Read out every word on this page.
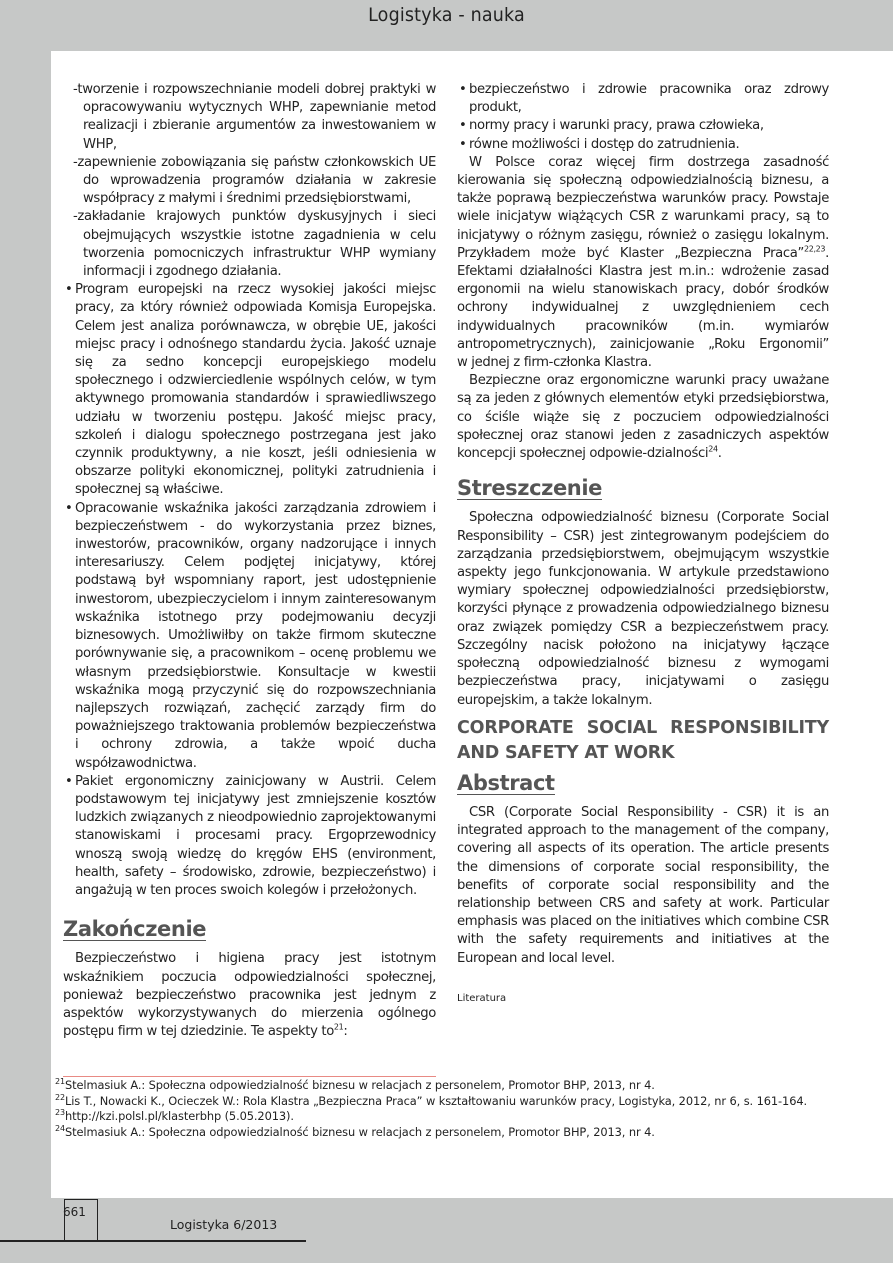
Logistyka - nauka

-tworzenie i rozpowszechnianie modeli dobrej praktyki w opracowywaniu wytycznych WHP, zapewnianie metod realizacji i zbieranie argumentów za inwestowaniem w WHP,

-zapewnienie zobowiązania się państw członkowskich UE do wprowadzenia programów działania w zakresie współpracy z małymi i średnimi przedsiębiorstwami,

-zakładanie krajowych punktów dyskusyjnych i sieci obejmujących wszystkie istotne zagadnienia w celu tworzenia pomocniczych infrastruktur WHP wymiany informacji i zgodnego działania.

• Program europejski na rzecz wysokiej jakości miejsc pracy, za który również odpowiada Komisja Europejska. Celem jest analiza porównawcza, w obrębie UE, jakości miejsc pracy i odnośnego standardu życia. Jakość uznaje się za sedno koncepcji europejskiego modelu społecznego i odzwierciedlenie wspólnych celów, w tym aktywnego promowania standardów i sprawiedliwszego udziału w tworzeniu postępu. Jakość miejsc pracy, szkoleń i dialogu społecznego postrzegana jest jako czynnik produktywny, a nie koszt, jeśli odniesienia w obszarze polityki ekonomicznej, polityki zatrudnienia i społecznej są właściwe.

• Opracowanie wskaźnika jakości zarządzania zdrowiem i bezpieczeństwem - do wykorzystania przez biznes, inwestorów, pracowników, organy nadzorujące i innych interesariuszy. Celem podjętej inicjatywy, której podstawą był wspomniany raport, jest udostępnienie inwestorom, ubezpieczycielom i innym zainteresowanym wskaźnika istotnego przy podejmowaniu decyzji biznesowych. Umożliwiłby on także firmom skuteczne porównywanie się, a pracownikom – ocenę problemu we własnym przedsiębiorstwie. Konsultacje w kwestii wskaźnika mogą przyczynić się do rozpowszechniania najlepszych rozwiązań, zachęcić zarządy firm do poważniejszego traktowania problemów bezpieczeństwa i ochrony zdrowia, a także wpoić ducha współzawodnictwa.

• Pakiet ergonomiczny zainicjowany w Austrii. Celem podstawowym tej inicjatywy jest zmniejszenie kosztów ludzkich związanych z nieodpowiednio zaprojektowanymi stanowiskami i procesami pracy. Ergoprzewodnicy wnoszą swoją wiedzę do kręgów EHS (environment, health, safety – środowisko, zdrowie, bezpieczeństwo) i angażują w ten proces swoich kolegów i przełożonych.

Zakończenie

Bezpieczeństwo i higiena pracy jest istotnym wskaźnikiem poczucia odpowiedzialności społecznej, ponieważ bezpieczeństwo pracownika jest jednym z aspektów wykorzystywanych do mierzenia ogólnego postępu firm w tej dziedzinie. Te aspekty $to^{21}$:

• bezpieczeństwo i zdrowie pracownika oraz zdrowy produkt,

• normy pracy i warunki pracy, prawa człowieka,

• równe możliwości i dostęp do zatrudnienia.

W Polsce coraz więcej firm dostrzega zasadność kierowania się społeczną odpowiedzialnością biznesu, a także poprawą bezpieczeństwa warunków pracy. Powstaje wiele inicjatyw wiążących CSR z warunkami pracy, są to inicjatywy o różnym zasięgu, również o zasięgu lokalnym. Przykładem może być Klaster „Bezpieczna Praca”$^{22,23}$. Efektami działalności Klastra jest m.in.: wdrożenie zasad ergonomii na wielu stanowiskach pracy, dobór środków ochrony indywidualnej z uwzględnieniem cech indywidualnych pracowników (m.in. wymiarów antropometrycznych), zainicjowanie „Roku Ergonomii”                w jednej z firm-członka Klastra.

Bezpieczne oraz ergonomiczne warunki pracy uważane są za jeden z głównych elementów etyki przedsiębiorstwa, co ściśle wiąże się z poczuciem odpowiedzialności społecznej oraz stanowi jeden z zasadniczych aspektów koncepcji społecznej odpowie-dzialności$^{24}$.

Streszczenie

Społeczna odpowiedzialność biznesu (Corporate Social Responsibility – CSR) jest zintegrowanym podejściem do zarządzania przedsiębiorstwem, obejmującym wszystkie aspekty jego funkcjonowania. W artykule przedstawiono wymiary społecznej odpowiedzialności przedsiębiorstw, korzyści płynące z prowadzenia odpowiedzialnego biznesu oraz związek pomiędzy CSR a bezpieczeństwem pracy. Szczególny nacisk położono na inicjatywy łączące społeczną odpowiedzialność biznesu z wymogami bezpieczeństwa pracy, inicjatywami o zasięgu europejskim, a także lokalnym.

CORPORATE SOCIAL RESPONSIBILITY AND SAFETY AT WORK
Abstract

CSR (Corporate Social Responsibility - CSR) it is an integrated approach to the management of the company, covering all aspects of its operation. The article presents the dimensions of corporate social responsibility, the benefits of corporate social responsibility and the relationship between CRS and safety at work. Particular emphasis was placed on the initiatives which combine CSR with the safety requirements and initiatives at the European and local level.

Literatura

$^{21}$Stelmasiuk A.: Społeczna odpowiedzialność biznesu w relacjach z personelem, Promotor BHP, 2013, nr 4.

$^{22}$Lis T., Nowacki K., Ocieczek W.: Rola Klastra „Bezpieczna Praca” w kształtowaniu warunków pracy, Logistyka, 2012, nr 6, s. 161-164.

$^{23}$http://kzi.polsl.pl/klasterbhp (5.05.2013).

$^{24}$Stelmasiuk A.: Społeczna odpowiedzialność biznesu w relacjach z personelem, Promotor BHP, 2013, nr 4.

661
Logistyka 6/2013
